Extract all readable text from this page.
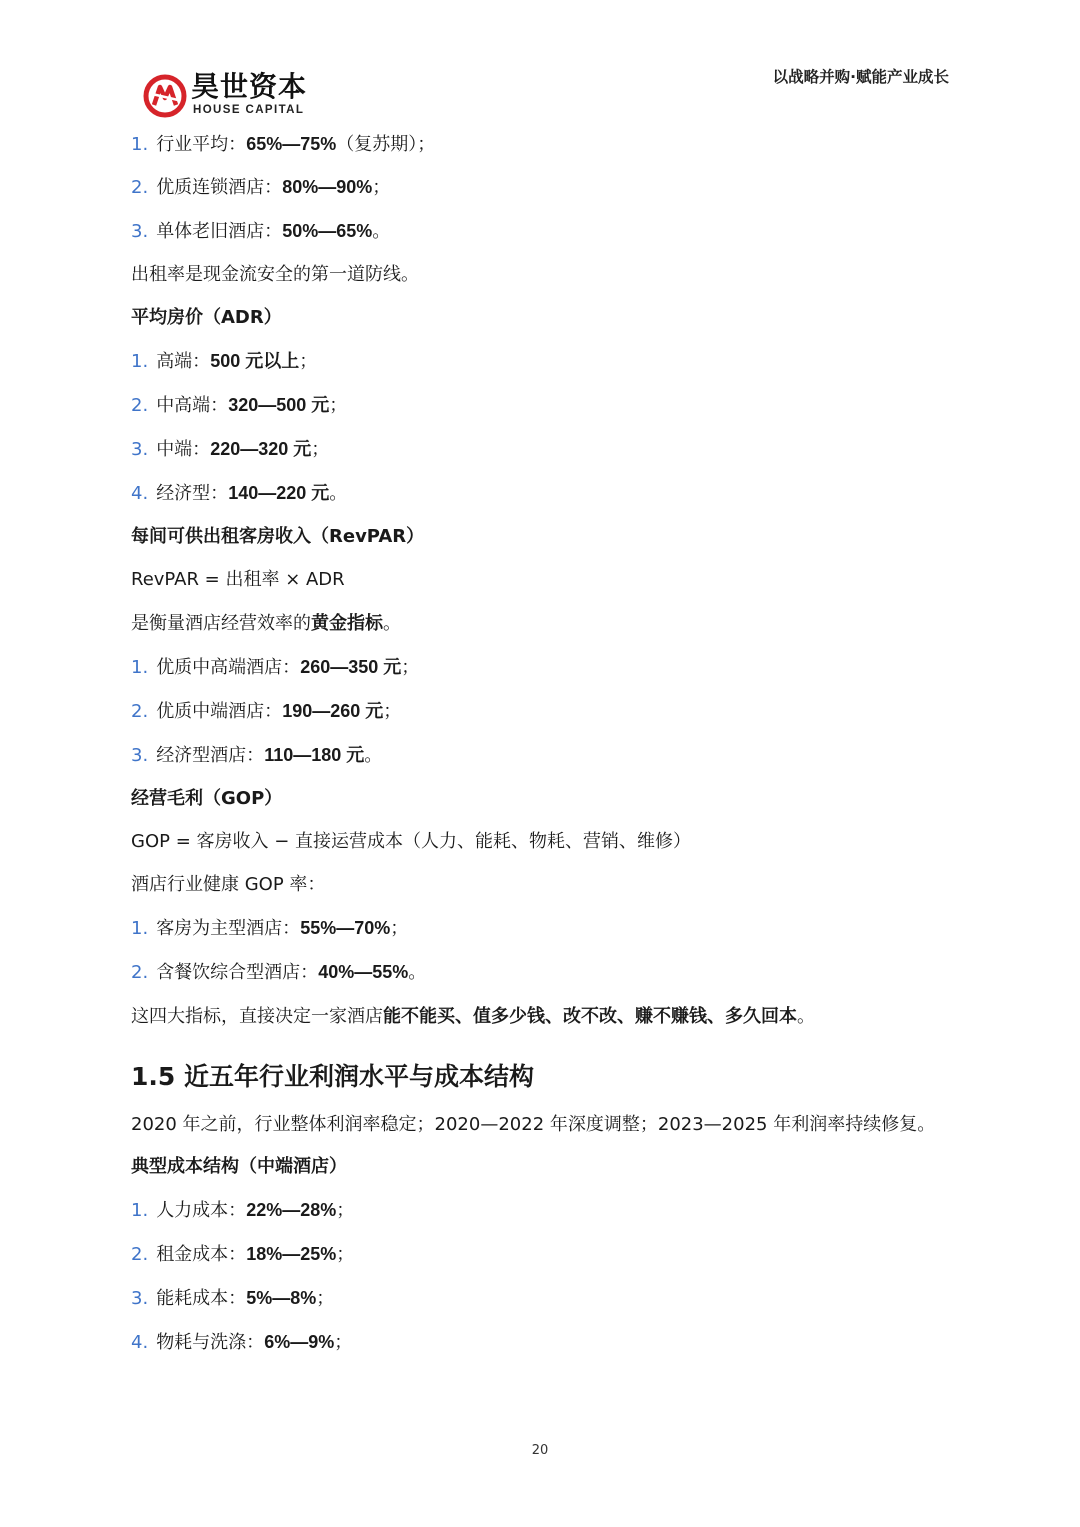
昊世资本
HOUSE CAPITAL
以战略并购·赋能产业成长

1. 行业平均：65%—75%（复苏期）；

2. 优质连锁酒店：80%—90%；

3. 单体老旧酒店：50%—65%。

出租率是现金流安全的第一道防线。

平均房价（ADR）

1. 高端：500 元以上；

2. 中高端：320—500 元；

3. 中端：220—320 元；

4. 经济型：140—220 元。

每间可供出租客房收入（RevPAR）

RevPAR = 出租率 × ADR

是衡量酒店经营效率的黄金指标。

1. 优质中高端酒店：260—350 元；

2. 优质中端酒店：190—260 元；

3. 经济型酒店：110—180 元。

经营毛利（GOP）

GOP = 客房收入 − 直接运营成本（人力、能耗、物耗、营销、维修）

酒店行业健康 GOP 率：

1. 客房为主型酒店：55%—70%；

2. 含餐饮综合型酒店：40%—55%。

这四大指标，直接决定一家酒店能不能买、值多少钱、改不改、赚不赚钱、多久回本。

1.5 近五年行业利润水平与成本结构

2020 年之前，行业整体利润率稳定；2020—2022 年深度调整；2023—2025 年利润率持续修复。

典型成本结构（中端酒店）

1. 人力成本：22%—28%；

2. 租金成本：18%—25%；

3. 能耗成本：5%—8%；

4. 物耗与洗涤：6%—9%；

20
